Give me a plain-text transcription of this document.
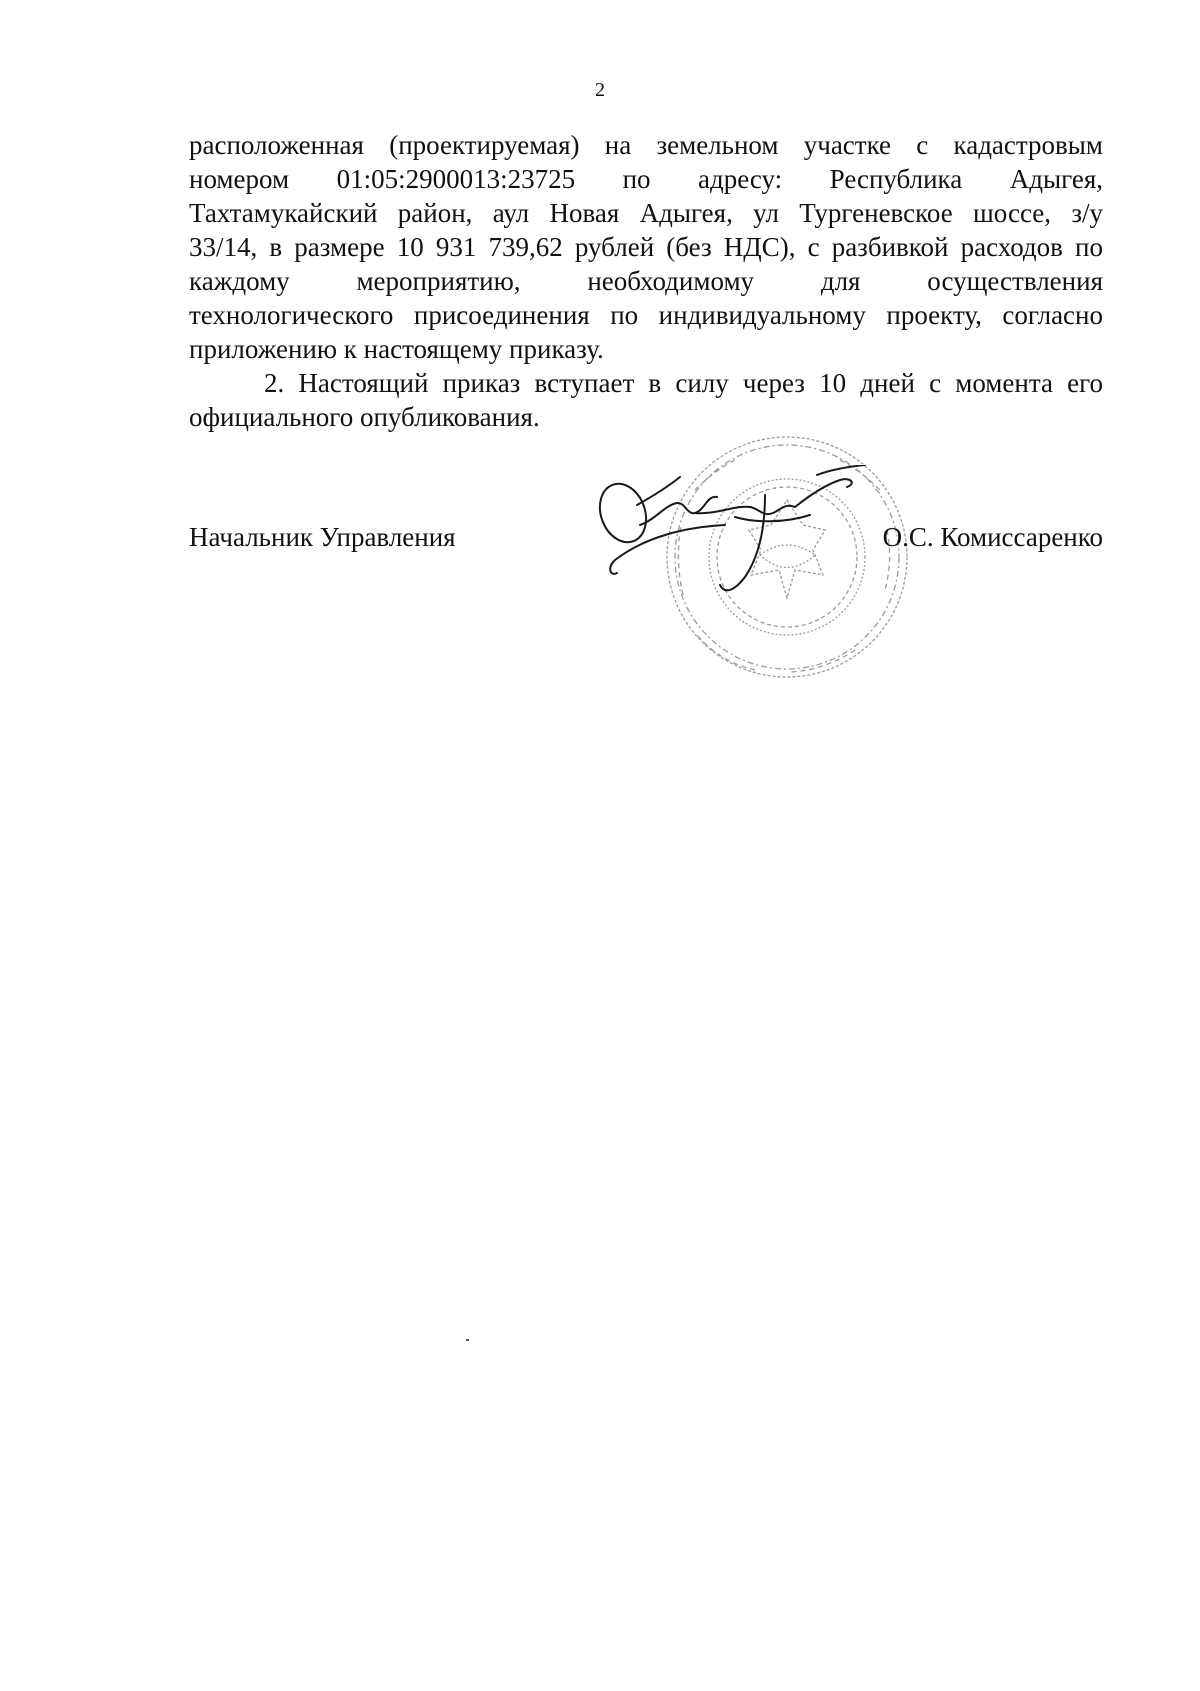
2
расположенная (проектируемая) на земельном участке с кадастровым
номером 01:05:2900013:23725 по адресу: Республика Адыгея,
Тахтамукайский район, аул Новая Адыгея, ул Тургеневское шоссе, з/у
33/14, в размере 10 931 739,62 рублей (без НДС), с разбивкой расходов по
каждому мероприятию, необходимому для осуществления
технологического присоединения по индивидуальному проекту, согласно
приложению к настоящему приказу.
2. Настоящий приказ вступает в силу через 10 дней с момента его
официального опубликования.
Начальник Управления	О.С. Комиссаренко
